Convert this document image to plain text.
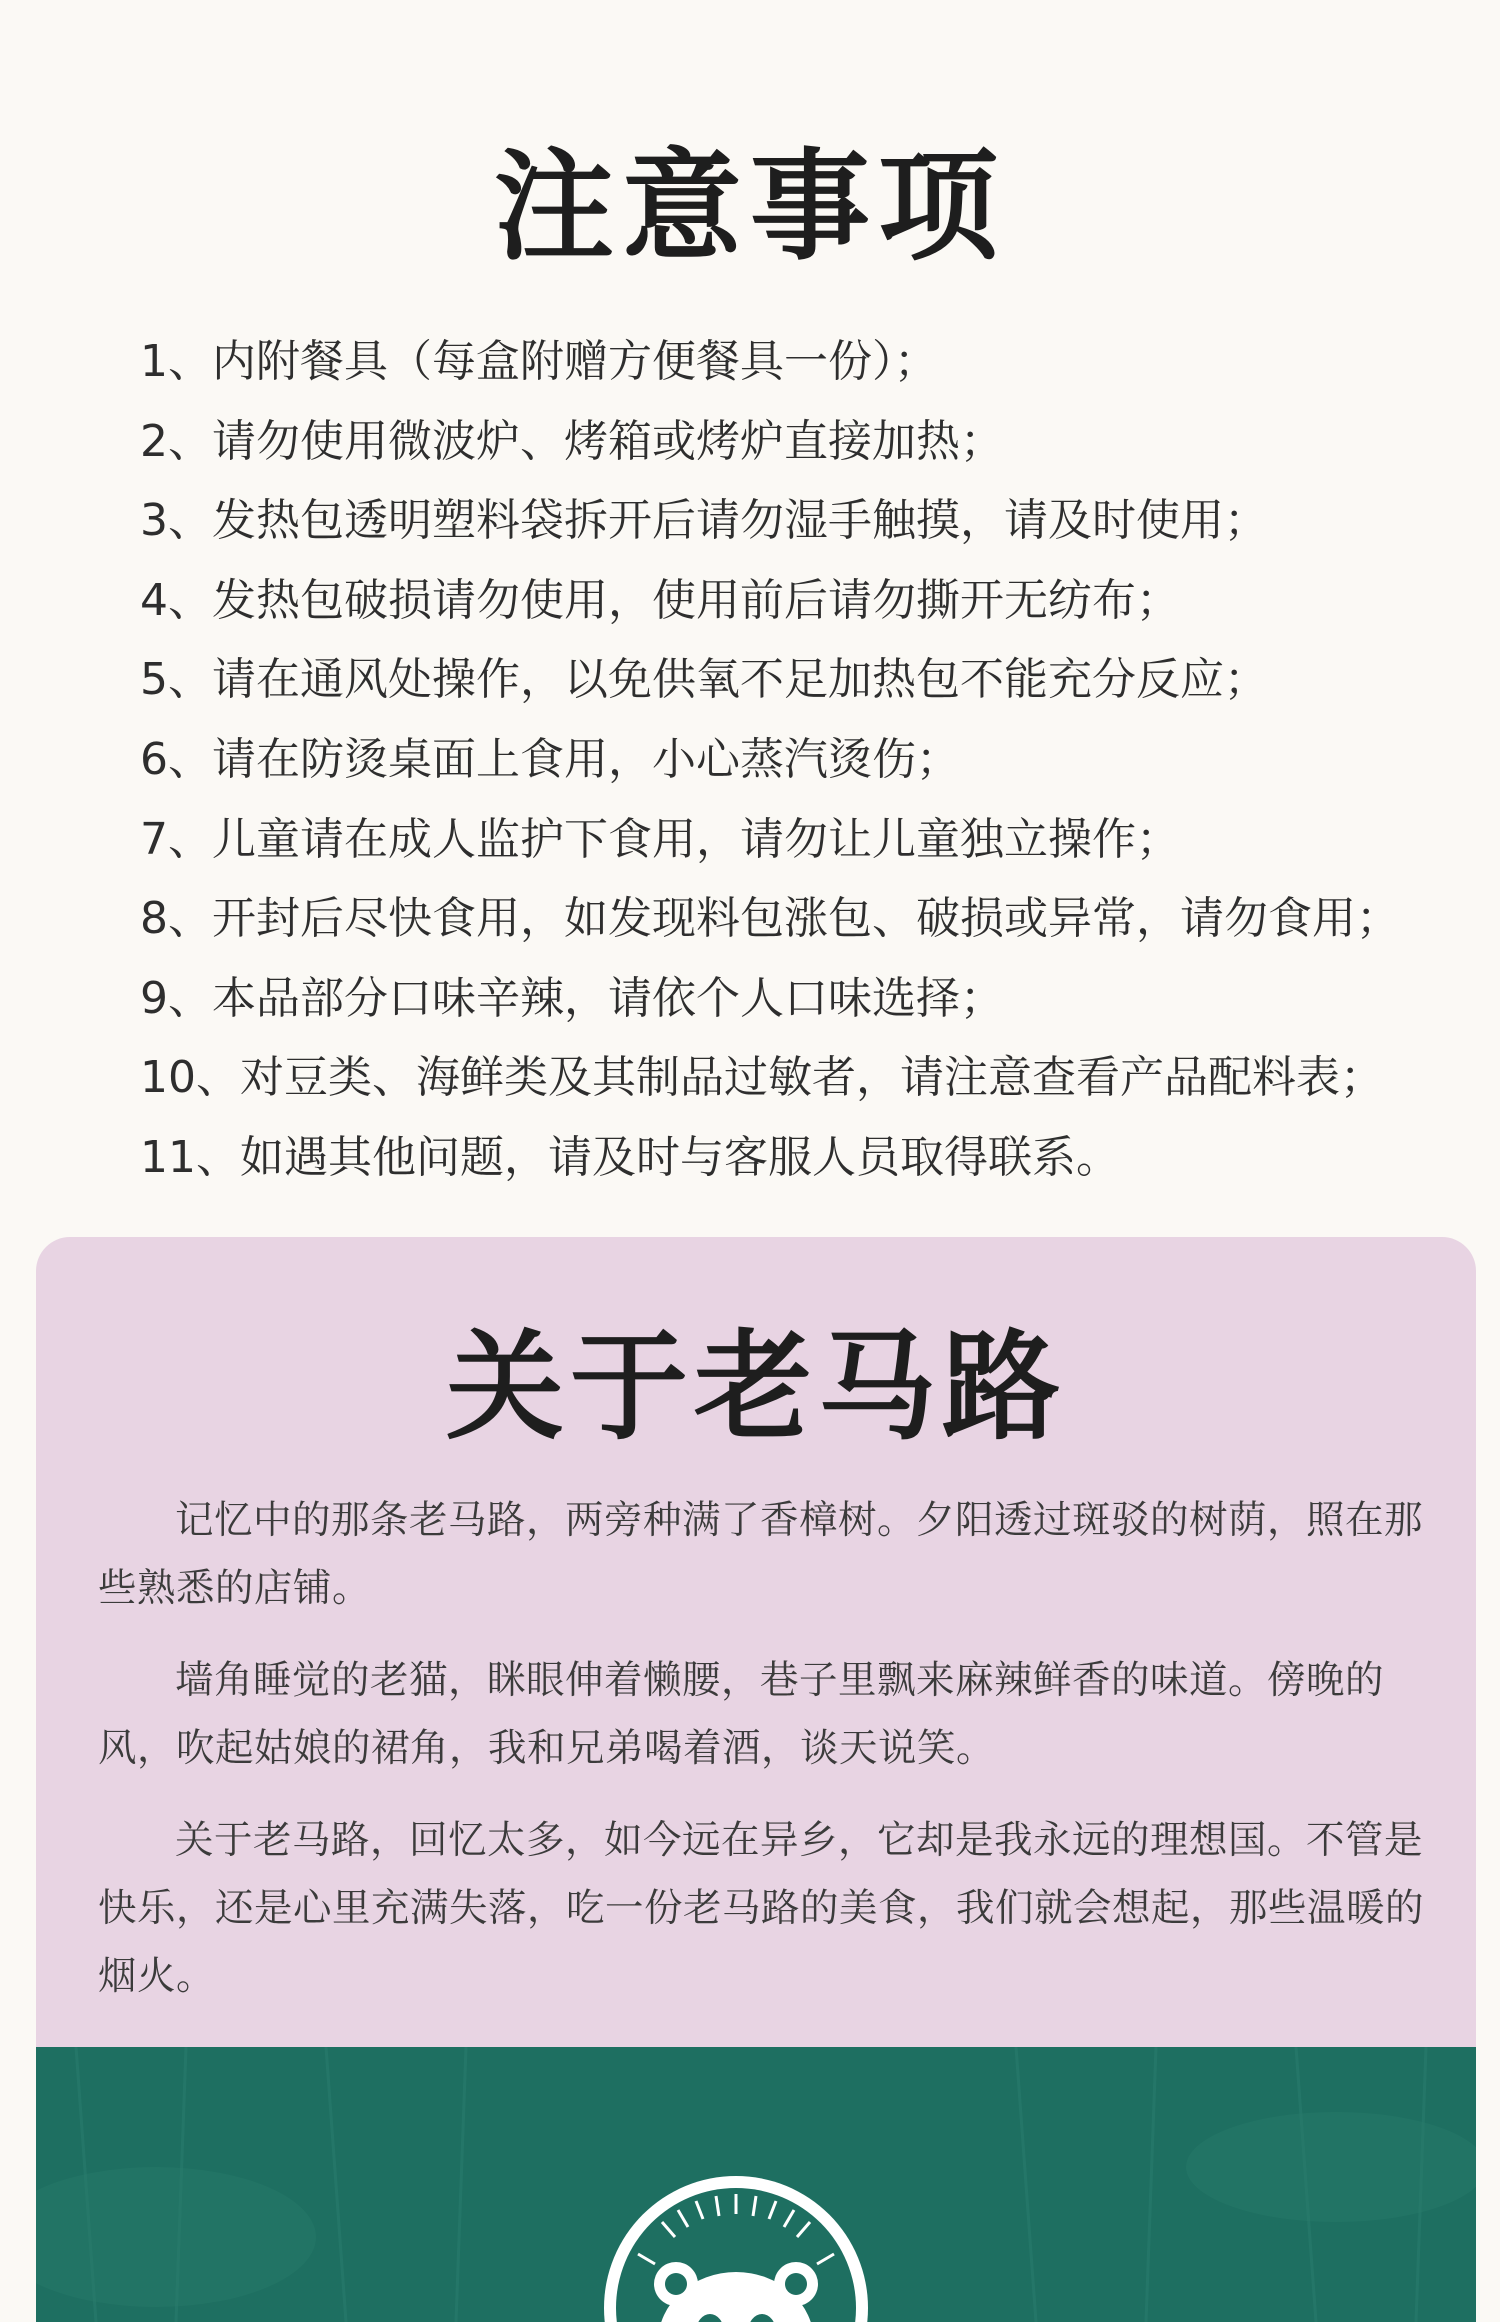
注意事项
1、内附餐具（每盒附赠方便餐具一份）；
2、请勿使用微波炉、烤箱或烤炉直接加热；
3、发热包透明塑料袋拆开后请勿湿手触摸，请及时使用；
4、发热包破损请勿使用，使用前后请勿撕开无纺布；
5、请在通风处操作，以免供氧不足加热包不能充分反应；
6、请在防烫桌面上食用，小心蒸汽烫伤；
7、儿童请在成人监护下食用，请勿让儿童独立操作；
8、开封后尽快食用，如发现料包涨包、破损或异常，请勿食用；
9、本品部分口味辛辣，请依个人口味选择；
10、对豆类、海鲜类及其制品过敏者，请注意查看产品配料表；
11、如遇其他问题，请及时与客服人员取得联系。
关于老马路

记忆中的那条老马路，两旁种满了香樟树。夕阳透过斑驳的树荫，照在那些熟悉的店铺。

墙角睡觉的老猫，眯眼伸着懒腰，巷子里飘来麻辣鲜香的味道。傍晚的风，吹起姑娘的裙角，我和兄弟喝着酒，谈天说笑。

关于老马路，回忆太多，如今远在异乡，它却是我永远的理想国。不管是快乐，还是心里充满失落，吃一份老马路的美食，我们就会想起，那些温暖的烟火。
